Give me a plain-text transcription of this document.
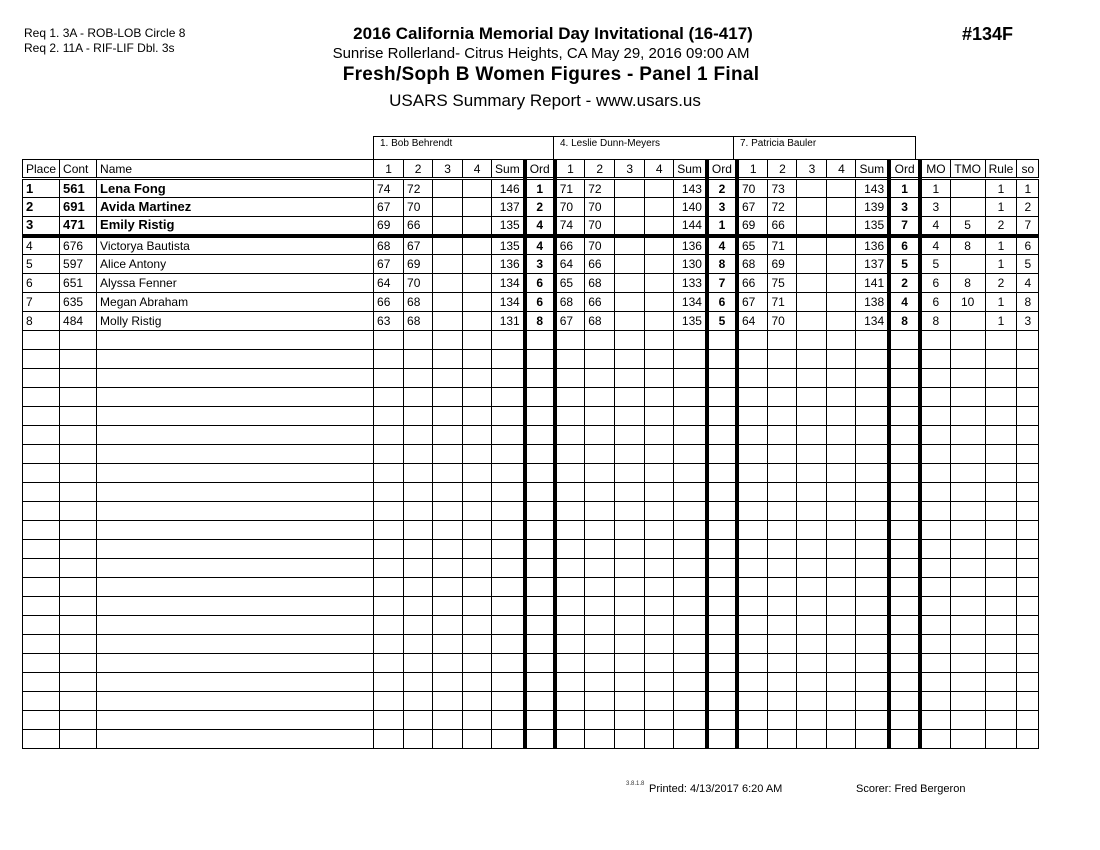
Req 1. 3A - ROB-LOB Circle 8
Req 2. 11A - RIF-LIF Dbl. 3s
2016 California Memorial Day Invitational (16-417)
Sunrise Rollerland- Citrus Heights, CA May 29, 2016 09:00 AM
Fresh/Soph B Women Figures - Panel 1 Final
USARS Summary Report - www.usars.us
#134F
1. Bob Behrendt	4. Leslie Dunn-Meyers	7. Patricia Bauler
Place	Cont	Name	1	2	3	4	Sum	Ord	1	2	3	4	Sum	Ord	1	2	3	4	Sum	Ord	MO	TMO	Rule	so
1	561	Lena Fong	74	72			146	1	71	72			143	2	70	73			143	1	1		1	1
2	691	Avida Martinez	67	70			137	2	70	70			140	3	67	72			139	3	3		1	2
3	471	Emily Ristig	69	66			135	4	74	70			144	1	69	66			135	7	4	5	2	7
4	676	Victorya Bautista	68	67			135	4	66	70			136	4	65	71			136	6	4	8	1	6
5	597	Alice Antony	67	69			136	3	64	66			130	8	68	69			137	5	5		1	5
6	651	Alyssa Fenner	64	70			134	6	65	68			133	7	66	75			141	2	6	8	2	4
7	635	Megan Abraham	66	68			134	6	68	66			134	6	67	71			138	4	6	10	1	8
8	484	Molly Ristig	63	68			131	8	67	68			135	5	64	70			134	8	8		1	3

3.8.1.8 Printed: 4/13/2017 6:20 AM	Scorer: Fred Bergeron
